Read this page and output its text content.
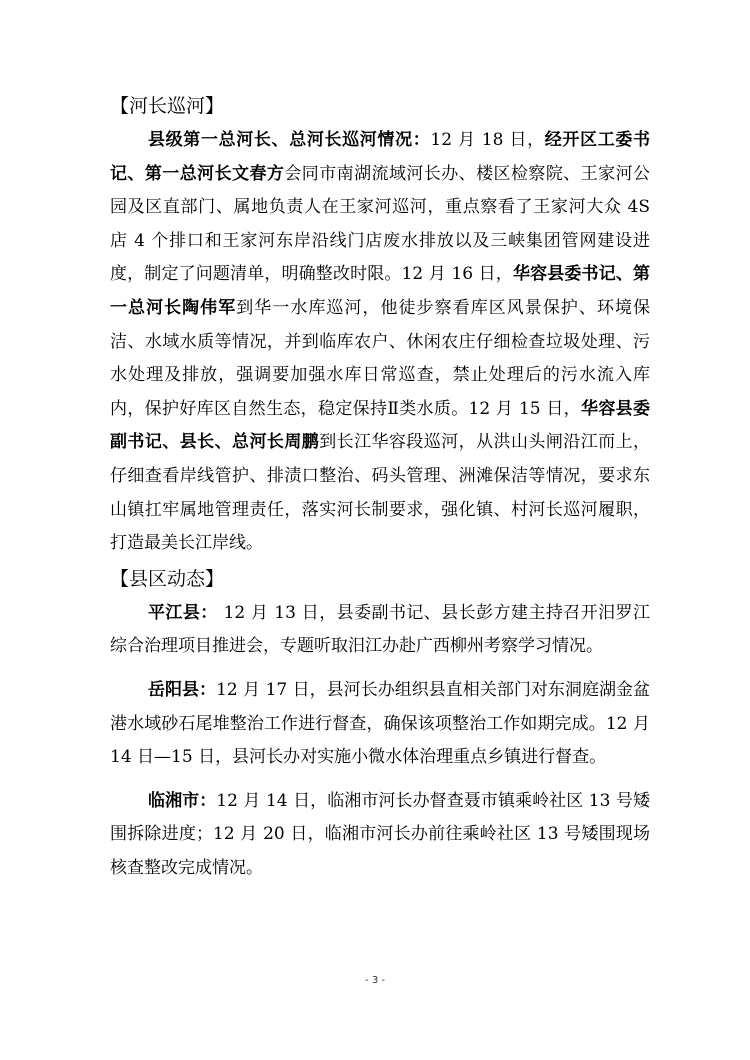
【河长巡河】

县级第一总河长、总河长巡河情况：12 月 18 日，经开区工委书记、第一总河长文春方会同市南湖流域河长办、楼区检察院、王家河公园及区直部门、属地负责人在王家河巡河，重点察看了王家河大众 4S 店 4 个排口和王家河东岸沿线门店废水排放以及三峡集团管网建设进度，制定了问题清单，明确整改时限。12 月 16 日，华容县委书记、第一总河长陶伟军到华一水库巡河，他徒步察看库区风景保护、环境保洁、水域水质等情况，并到临库农户、休闲农庄仔细检查垃圾处理、污水处理及排放，强调要加强水库日常巡查，禁止处理后的污水流入库内，保护好库区自然生态，稳定保持Ⅱ类水质。12 月 15 日，华容县委副书记、县长、总河长周鹏到长江华容段巡河，从洪山头闸沿江而上，仔细查看岸线管护、排渍口整治、码头管理、洲滩保洁等情况，要求东山镇扛牢属地管理责任，落实河长制要求，强化镇、村河长巡河履职，打造最美长江岸线。

【县区动态】

平江县： 12 月 13 日，县委副书记、县长彭方建主持召开汨罗江综合治理项目推进会，专题听取汨江办赴广西柳州考察学习情况。

岳阳县：12 月 17 日，县河长办组织县直相关部门对东洞庭湖金盆港水域砂石尾堆整治工作进行督查，确保该项整治工作如期完成。12 月 14 日—15 日，县河长办对实施小微水体治理重点乡镇进行督查。

临湘市：12 月 14 日，临湘市河长办督查聂市镇乘岭社区 13 号矮围拆除进度；12 月 20 日，临湘市河长办前往乘岭社区 13 号矮围现场核查整改完成情况。

- 3 -
